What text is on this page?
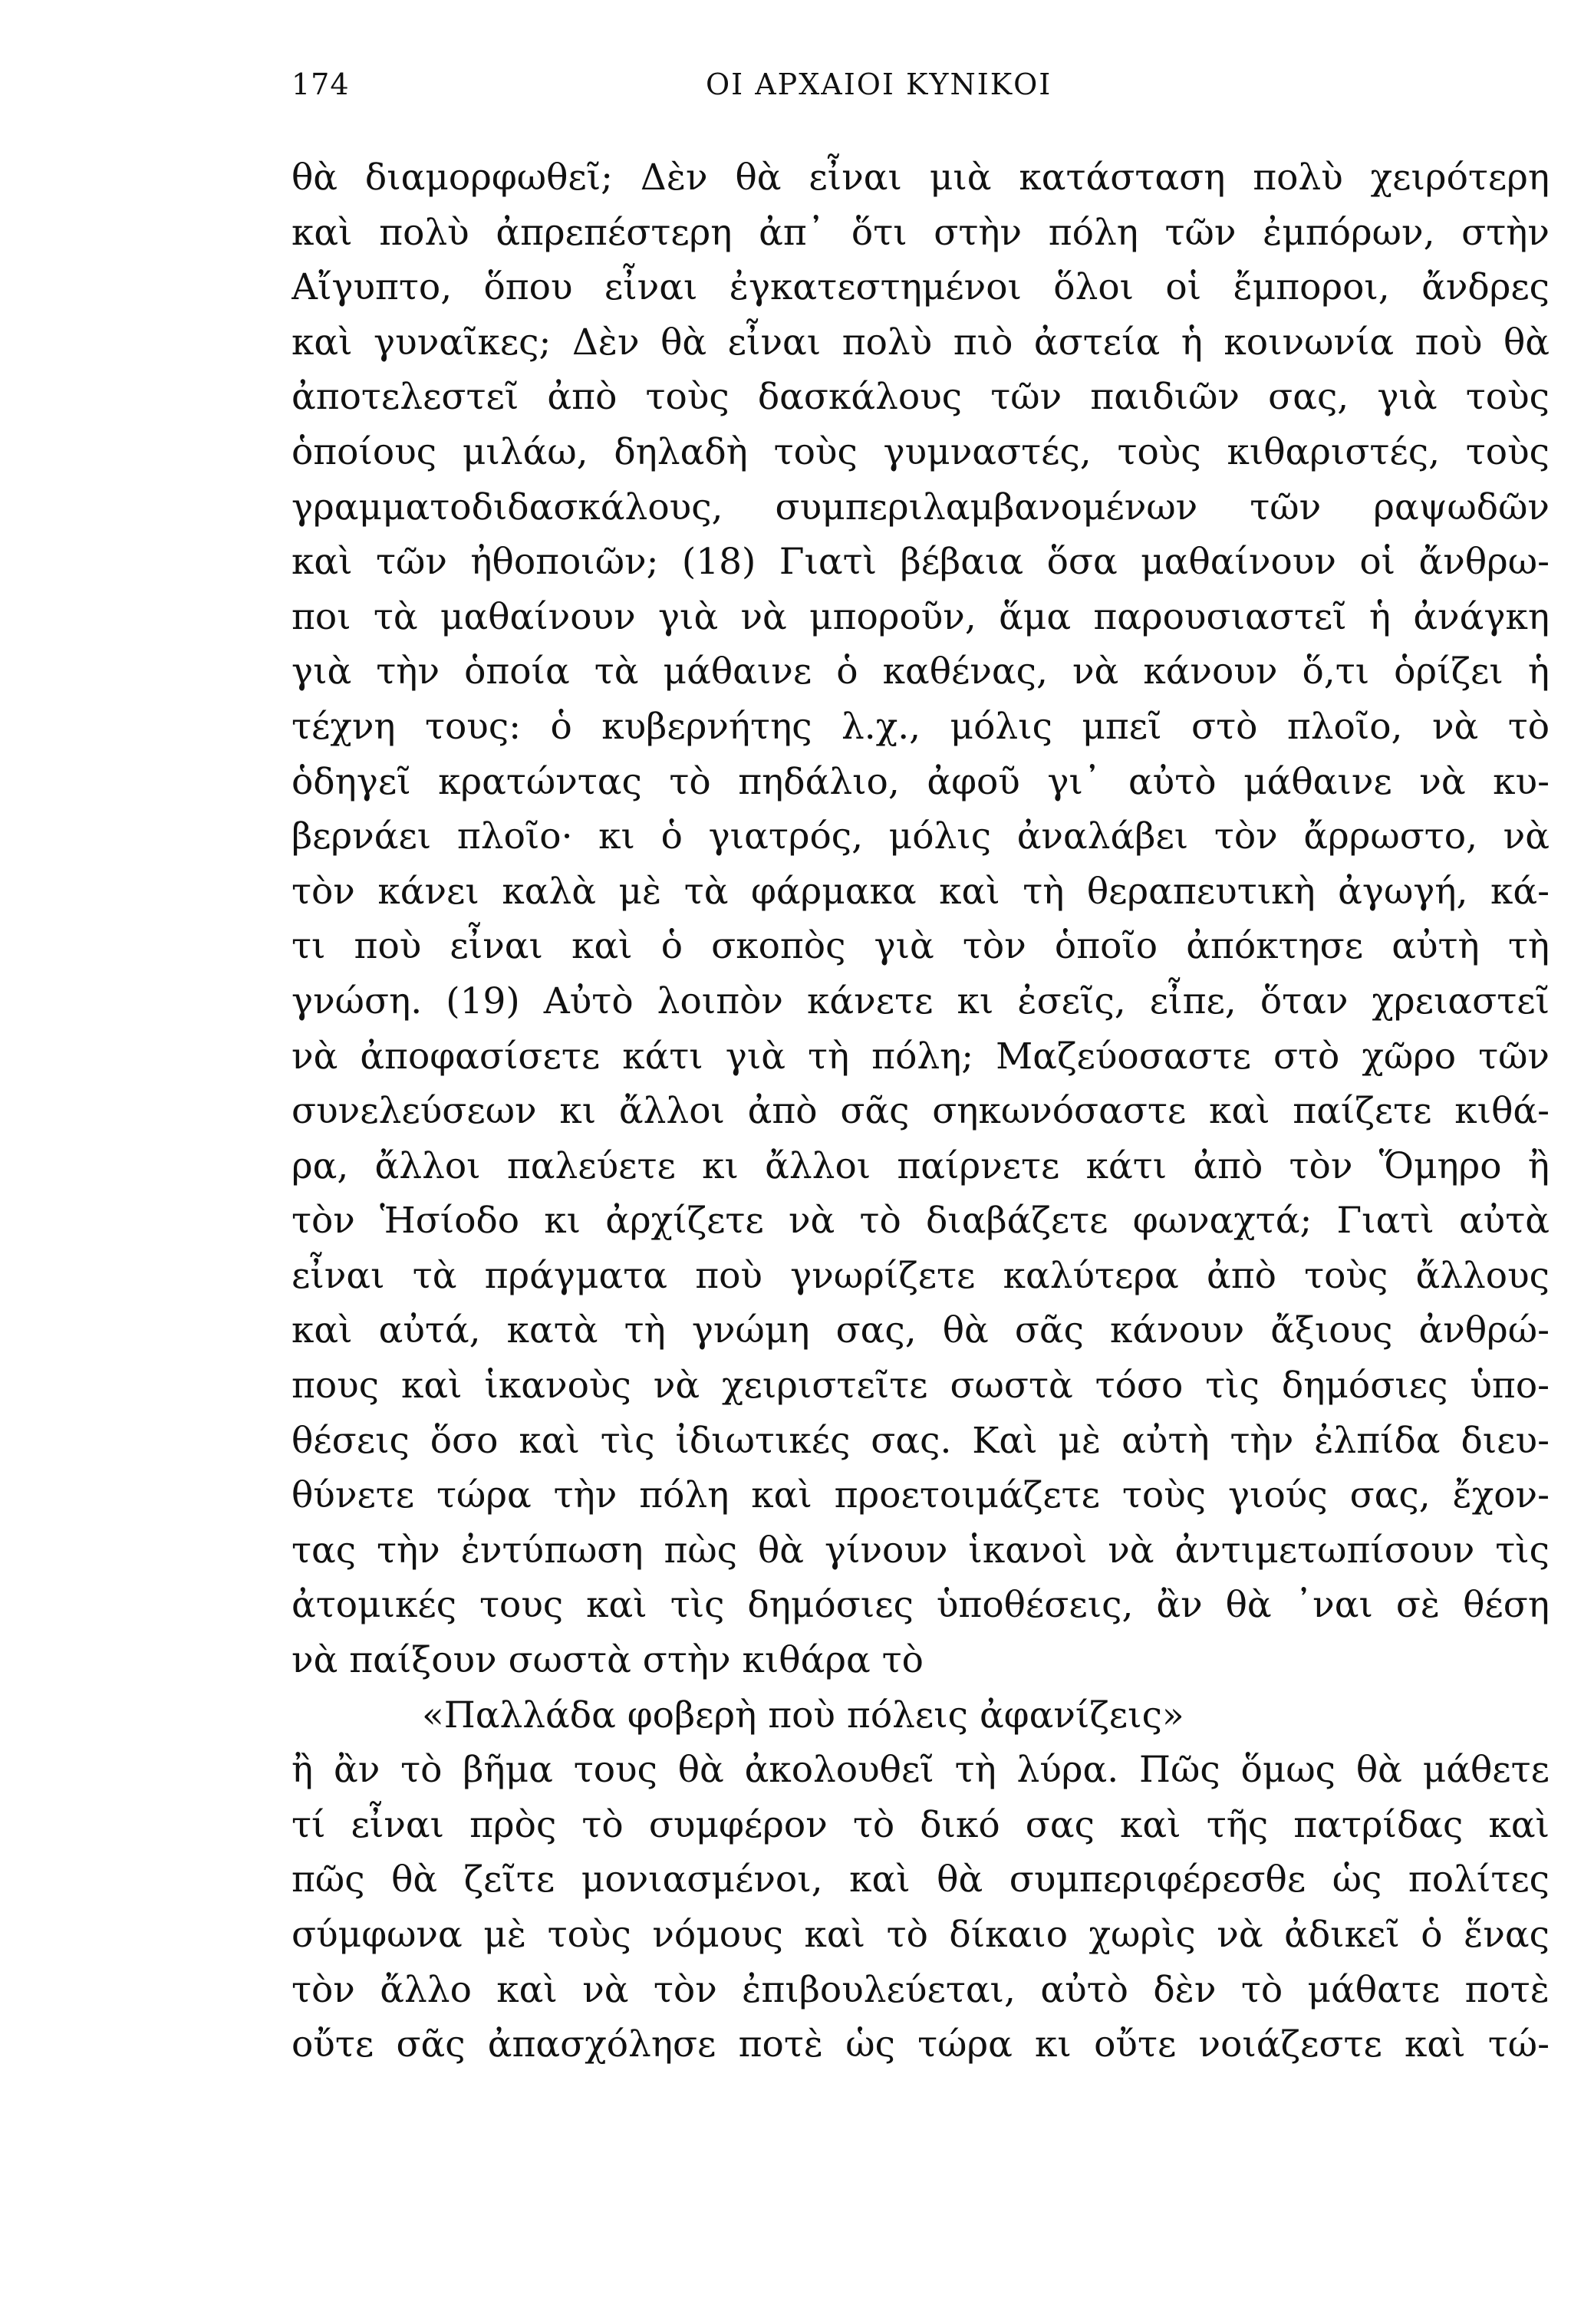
174	ΟΙ ΑΡΧΑΙΟΙ ΚΥΝΙΚΟΙ
θὰ διαμορφωθεῖ; Δὲν θὰ εἶναι μιὰ κατάσταση πολὺ χειρότερη
καὶ πολὺ ἀπρεπέστερη ἀπ᾿ ὅτι στὴν πόλη τῶν ἐμπόρων, στὴν
Αἴγυπτο, ὅπου εἶναι ἐγκατεστημένοι ὅλοι οἱ ἔμποροι, ἄνδρες
καὶ γυναῖκες; Δὲν θὰ εἶναι πολὺ πιὸ ἀστεία ἡ κοινωνία ποὺ θὰ
ἀποτελεστεῖ ἀπὸ τοὺς δασκάλους τῶν παιδιῶν σας, γιὰ τοὺς
ὁποίους μιλάω, δηλαδὴ τοὺς γυμναστές, τοὺς κιθαριστές, τοὺς
γραμματοδιδασκάλους, συμπεριλαμβανομένων τῶν ραψωδῶν
καὶ τῶν ἠθοποιῶν; (18) Γιατὶ βέβαια ὅσα μαθαίνουν οἱ ἄνθρω-
ποι τὰ μαθαίνουν γιὰ νὰ μποροῦν, ἅμα παρουσιαστεῖ ἡ ἀνάγκη
γιὰ τὴν ὁποία τὰ μάθαινε ὁ καθένας, νὰ κάνουν ὅ,τι ὁρίζει ἡ
τέχνη τους: ὁ κυβερνήτης λ.χ., μόλις μπεῖ στὸ πλοῖο, νὰ τὸ
ὁδηγεῖ κρατώντας τὸ πηδάλιο, ἀφοῦ γι᾿ αὐτὸ μάθαινε νὰ κυ-
βερνάει πλοῖο· κι ὁ γιατρός, μόλις ἀναλάβει τὸν ἄρρωστο, νὰ
τὸν κάνει καλὰ μὲ τὰ φάρμακα καὶ τὴ θεραπευτικὴ ἀγωγή, κά-
τι ποὺ εἶναι καὶ ὁ σκοπὸς γιὰ τὸν ὁποῖο ἀπόκτησε αὐτὴ τὴ
γνώση. (19) Αὐτὸ λοιπὸν κάνετε κι ἐσεῖς, εἶπε, ὅταν χρειαστεῖ
νὰ ἀποφασίσετε κάτι γιὰ τὴ πόλη; Μαζεύοσαστε στὸ χῶρο τῶν
συνελεύσεων κι ἄλλοι ἀπὸ σᾶς σηκωνόσαστε καὶ παίζετε κιθά-
ρα, ἄλλοι παλεύετε κι ἄλλοι παίρνετε κάτι ἀπὸ τὸν Ὅμηρο ἢ
τὸν Ἡσίοδο κι ἀρχίζετε νὰ τὸ διαβάζετε φωναχτά; Γιατὶ αὐτὰ
εἶναι τὰ πράγματα ποὺ γνωρίζετε καλύτερα ἀπὸ τοὺς ἄλλους
καὶ αὐτά, κατὰ τὴ γνώμη σας, θὰ σᾶς κάνουν ἄξιους ἀνθρώ-
πους καὶ ἱκανοὺς νὰ χειριστεῖτε σωστὰ τόσο τὶς δημόσιες ὑπο-
θέσεις ὅσο καὶ τὶς ἰδιωτικές σας. Καὶ μὲ αὐτὴ τὴν ἐλπίδα διευ-
θύνετε τώρα τὴν πόλη καὶ προετοιμάζετε τοὺς γιούς σας, ἔχον-
τας τὴν ἐντύπωση πὼς θὰ γίνουν ἱκανοὶ νὰ ἀντιμετωπίσουν τὶς
ἀτομικές τους καὶ τὶς δημόσιες ὑποθέσεις, ἂν θὰ ᾿ναι σὲ θέση
νὰ παίξουν σωστὰ στὴν κιθάρα τὸ
«Παλλάδα φοβερὴ ποὺ πόλεις ἀφανίζεις»
ἢ ἂν τὸ βῆμα τους θὰ ἀκολουθεῖ τὴ λύρα. Πῶς ὅμως θὰ μάθετε
τί εἶναι πρὸς τὸ συμφέρον τὸ δικό σας καὶ τῆς πατρίδας καὶ
πῶς θὰ ζεῖτε μονιασμένοι, καὶ θὰ συμπεριφέρεσθε ὡς πολίτες
σύμφωνα μὲ τοὺς νόμους καὶ τὸ δίκαιο χωρὶς νὰ ἀδικεῖ ὁ ἕνας
τὸν ἄλλο καὶ νὰ τὸν ἐπιβουλεύεται, αὐτὸ δὲν τὸ μάθατε ποτὲ
οὔτε σᾶς ἀπασχόλησε ποτὲ ὡς τώρα κι οὔτε νοιάζεστε καὶ τώ-
